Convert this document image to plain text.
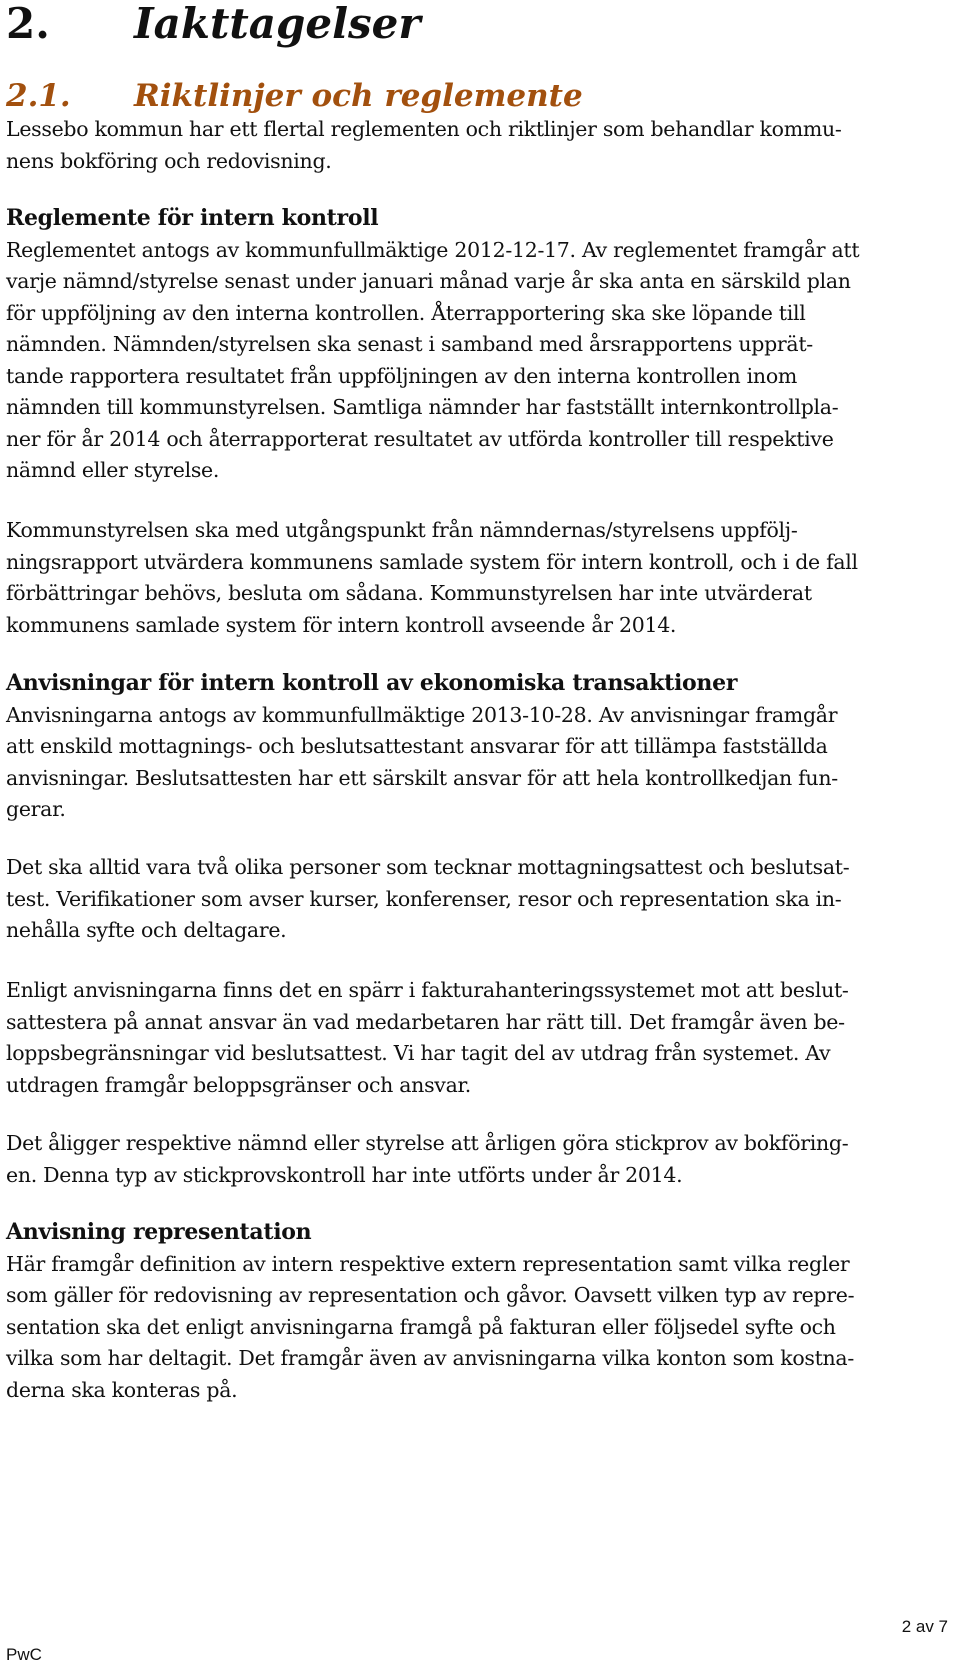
2. Iakttagelser
2.1. Riktlinjer och reglemente
Lessebo kommun har ett flertal reglementen och riktlinjer som behandlar kommu-
nens bokföring och redovisning.
Reglemente för intern kontroll
Reglementet antogs av kommunfullmäktige 2012-12-17. Av reglementet framgår att
varje nämnd/styrelse senast under januari månad varje år ska anta en särskild plan
för uppföljning av den interna kontrollen. Återrapportering ska ske löpande till
nämnden. Nämnden/styrelsen ska senast i samband med årsrapportens upprät-
tande rapportera resultatet från uppföljningen av den interna kontrollen inom
nämnden till kommunstyrelsen. Samtliga nämnder har fastställt internkontrollpla-
ner för år 2014 och återrapporterat resultatet av utförda kontroller till respektive
nämnd eller styrelse.
Kommunstyrelsen ska med utgångspunkt från nämndernas/styrelsens uppfölj-
ningsrapport utvärdera kommunens samlade system för intern kontroll, och i de fall
förbättringar behövs, besluta om sådana. Kommunstyrelsen har inte utvärderat
kommunens samlade system för intern kontroll avseende år 2014.
Anvisningar för intern kontroll av ekonomiska transaktioner
Anvisningarna antogs av kommunfullmäktige 2013-10-28. Av anvisningar framgår
att enskild mottagnings- och beslutsattestant ansvarar för att tillämpa fastställda
anvisningar. Beslutsattesten har ett särskilt ansvar för att hela kontrollkedjan fun-
gerar.
Det ska alltid vara två olika personer som tecknar mottagningsattest och beslutsat-
test. Verifikationer som avser kurser, konferenser, resor och representation ska in-
nehålla syfte och deltagare.
Enligt anvisningarna finns det en spärr i fakturahanteringssystemet mot att beslut-
sattestera på annat ansvar än vad medarbetaren har rätt till. Det framgår även be-
loppsbegränsningar vid beslutsattest. Vi har tagit del av utdrag från systemet. Av
utdragen framgår beloppsgränser och ansvar.
Det åligger respektive nämnd eller styrelse att årligen göra stickprov av bokföring-
en. Denna typ av stickprovskontroll har inte utförts under år 2014.
Anvisning representation
Här framgår definition av intern respektive extern representation samt vilka regler
som gäller för redovisning av representation och gåvor. Oavsett vilken typ av repre-
sentation ska det enligt anvisningarna framgå på fakturan eller följsedel syfte och
vilka som har deltagit. Det framgår även av anvisningarna vilka konton som kostna-
derna ska konteras på.
2 av 7
PwC
